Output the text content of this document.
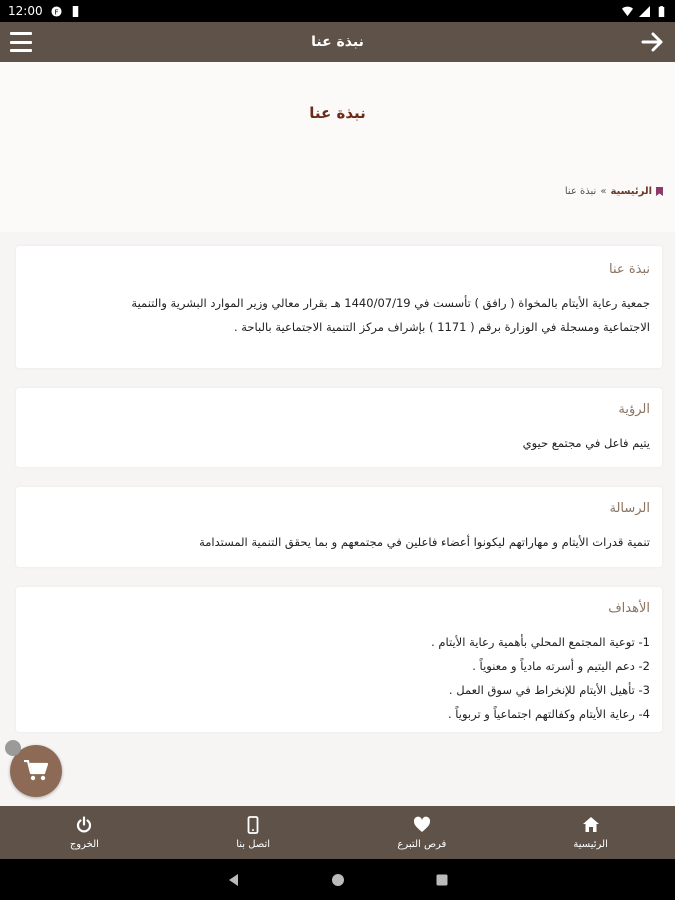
12:00 F
نبذة عنا
نبذة عنا
الرئيسية
»
نبذة عنا
نبذة عنا
جمعية رعاية الأيتام بالمخواة ( رافق ) تأسست في 1440/07/19 هـ بقرار معالي وزير الموارد البشرية والتنمية
الاجتماعية ومسجلة في الوزارة برقم ( 1171 ) بإشراف مركز التنمية الاجتماعية بالباحة .
الرؤية
يتيم فاعل في مجتمع حيوي
الرسالة
تنمية قدرات الأيتام و مهاراتهم ليكونوا أعضاء فاعلين في مجتمعهم و بما يحقق التنمية المستدامة
الأهداف
1- توعية المجتمع المحلي بأهمية رعاية الأيتام .
2- دعم اليتيم و أسرته مادياً و معنوياً .
3- تأهيل الأيتام للإنخراط في سوق العمل .
4- رعاية الأيتام وكفالتهم اجتماعياً و تربوياً .
الرئيسية
فرص التبرع
اتصل بنا
الخروج
